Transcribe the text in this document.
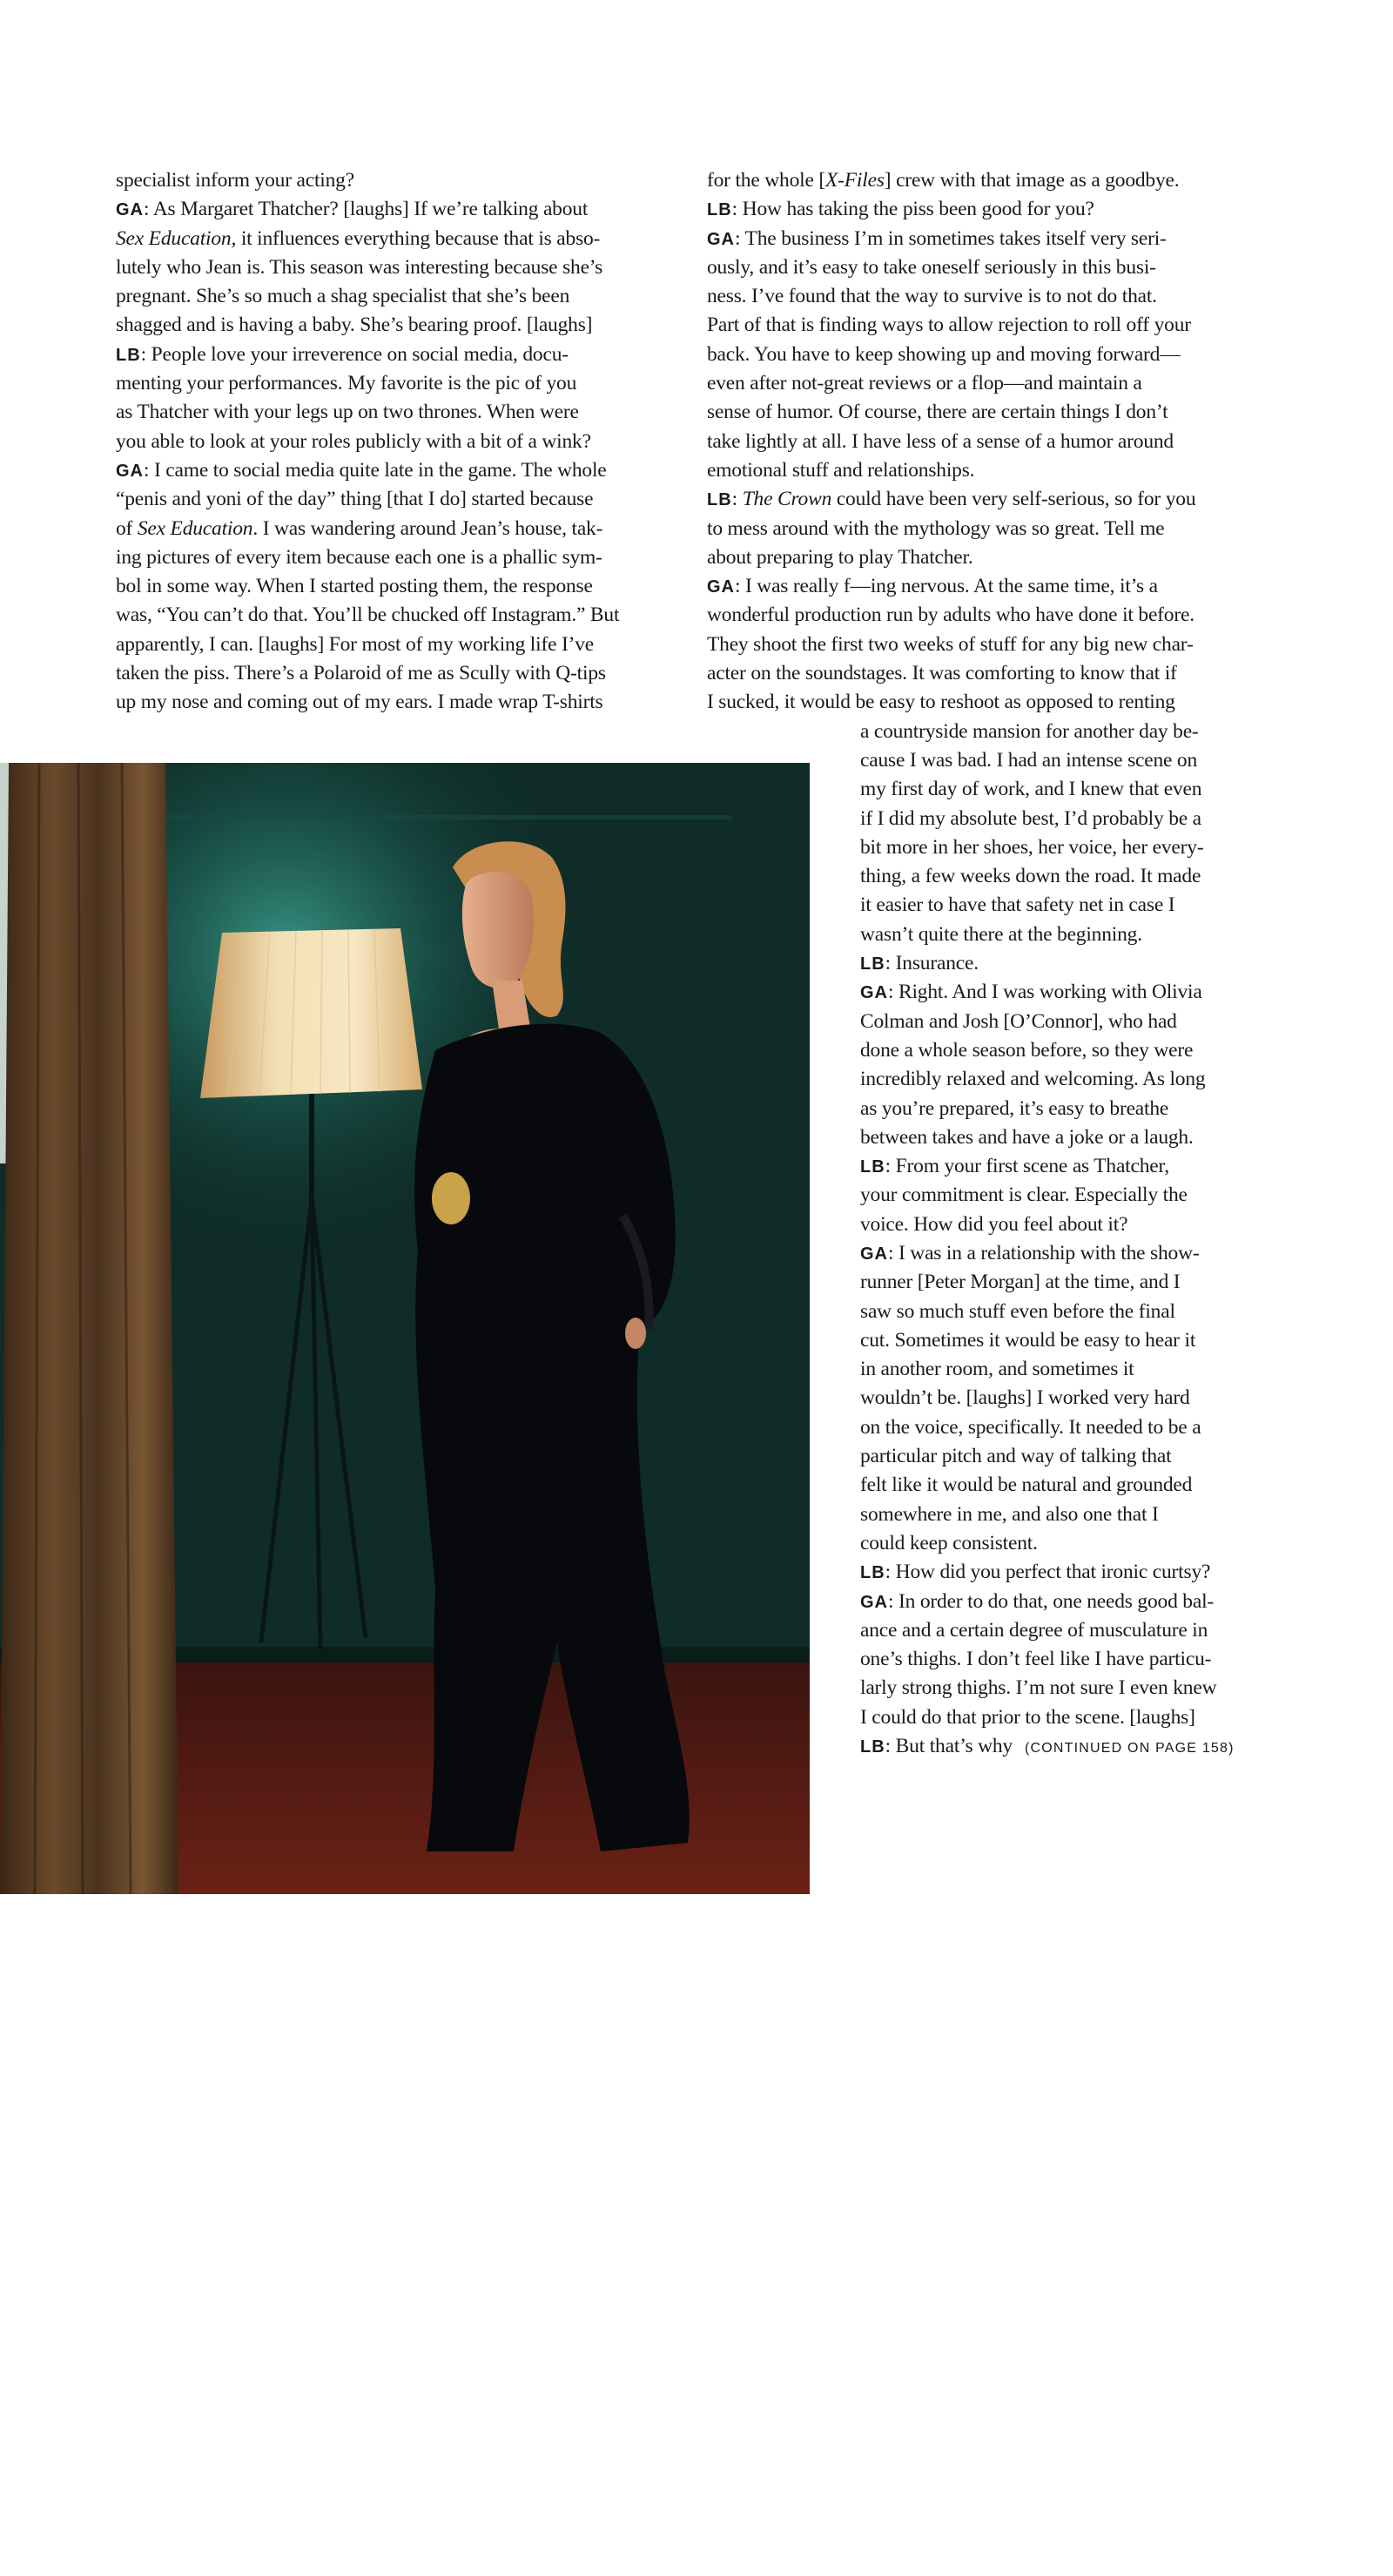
specialist inform your acting?
GA: As Margaret Thatcher? [laughs] If we’re talking about
Sex Education, it influences everything because that is abso-
lutely who Jean is. This season was interesting because she’s
pregnant. She’s so much a shag specialist that she’s been
shagged and is having a baby. She’s bearing proof. [laughs]
LB: People love your irreverence on social media, docu-
menting your performances. My favorite is the pic of you
as Thatcher with your legs up on two thrones. When were
you able to look at your roles publicly with a bit of a wink?
GA: I came to social media quite late in the game. The whole
“penis and yoni of the day” thing [that I do] started because
of Sex Education. I was wandering around Jean’s house, tak-
ing pictures of every item because each one is a phallic sym-
bol in some way. When I started posting them, the response
was, “You can’t do that. You’ll be chucked off Instagram.” But
apparently, I can. [laughs] For most of my working life I’ve
taken the piss. There’s a Polaroid of me as Scully with Q-tips
up my nose and coming out of my ears. I made wrap T-shirts
for the whole [X-Files] crew with that image as a goodbye.
LB: How has taking the piss been good for you?
GA: The business I’m in sometimes takes itself very seri-
ously, and it’s easy to take oneself seriously in this busi-
ness. I’ve found that the way to survive is to not do that.
Part of that is finding ways to allow rejection to roll off your
back. You have to keep showing up and moving forward—
even after not-great reviews or a flop—and maintain a
sense of humor. Of course, there are certain things I don’t
take lightly at all. I have less of a sense of a humor around
emotional stuff and relationships.
LB: The Crown could have been very self-serious, so for you
to mess around with the mythology was so great. Tell me
about preparing to play Thatcher.
GA: I was really f—ing nervous. At the same time, it’s a
wonderful production run by adults who have done it before.
They shoot the first two weeks of stuff for any big new char-
acter on the soundstages. It was comforting to know that if
I sucked, it would be easy to reshoot as opposed to renting
a countryside mansion for another day be-
cause I was bad. I had an intense scene on
my first day of work, and I knew that even
if I did my absolute best, I’d probably be a
bit more in her shoes, her voice, her every-
thing, a few weeks down the road. It made
it easier to have that safety net in case I
wasn’t quite there at the beginning.
LB: Insurance.
GA: Right. And I was working with Olivia
Colman and Josh [O’Connor], who had
done a whole season before, so they were
incredibly relaxed and welcoming. As long
as you’re prepared, it’s easy to breathe
between takes and have a joke or a laugh.
LB: From your first scene as Thatcher,
your commitment is clear. Especially the
voice. How did you feel about it?
GA: I was in a relationship with the show-
runner [Peter Morgan] at the time, and I
saw so much stuff even before the final
cut. Sometimes it would be easy to hear it
in another room, and sometimes it
wouldn’t be. [laughs] I worked very hard
on the voice, specifically. It needed to be a
particular pitch and way of talking that
felt like it would be natural and grounded
somewhere in me, and also one that I
could keep consistent.
LB: How did you perfect that ironic curtsy?
GA: In order to do that, one needs good bal-
ance and a certain degree of musculature in
one’s thighs. I don’t feel like I have particu-
larly strong thighs. I’m not sure I even knew
I could do that prior to the scene. [laughs]
LB: But that’s why (CONTINUED ON PAGE 158)
Schiaparelli top and pants. Pomellato earrings and necklace. Jennifer Chamandi heels.
BEAUTY BEAT
Achieve a lit-from-within glow by applying the Hourglass Cosmetics Ambient Lighting Palette Volume II Palette ($64; hourglasscosmetics.com).
